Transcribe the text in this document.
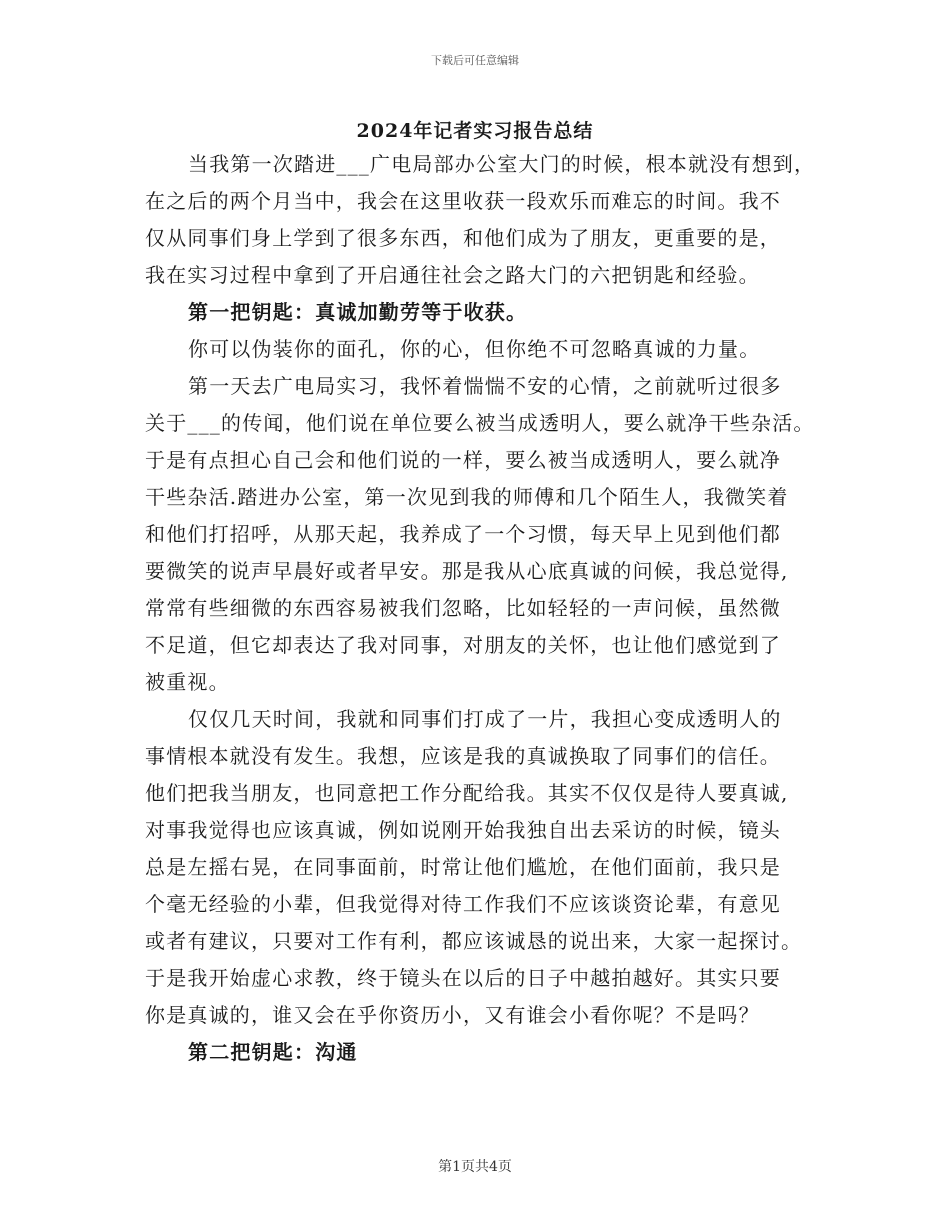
下载后可任意编辑
2024年记者实习报告总结
当我第一次踏进___广电局部办公室大门的时候，根本就没有想到，
在之后的两个月当中，我会在这里收获一段欢乐而难忘的时间。我不
仅从同事们身上学到了很多东西，和他们成为了朋友，更重要的是，
我在实习过程中拿到了开启通往社会之路大门的六把钥匙和经验。
第一把钥匙：真诚加勤劳等于收获。
你可以伪装你的面孔，你的心，但你绝不可忽略真诚的力量。
第一天去广电局实习，我怀着惴惴不安的心情，之前就听过很多
关于___的传闻，他们说在单位要么被当成透明人，要么就净干些杂活。
于是有点担心自己会和他们说的一样，要么被当成透明人，要么就净
干些杂活.踏进办公室，第一次见到我的师傅和几个陌生人，我微笑着
和他们打招呼，从那天起，我养成了一个习惯，每天早上见到他们都
要微笑的说声早晨好或者早安。那是我从心底真诚的问候，我总觉得,
常常有些细微的东西容易被我们忽略，比如轻轻的一声问候，虽然微
不足道，但它却表达了我对同事，对朋友的关怀，也让他们感觉到了
被重视。
仅仅几天时间，我就和同事们打成了一片，我担心变成透明人的
事情根本就没有发生。我想，应该是我的真诚换取了同事们的信任。
他们把我当朋友，也同意把工作分配给我。其实不仅仅是待人要真诚,
对事我觉得也应该真诚，例如说刚开始我独自出去采访的时候，镜头
总是左摇右晃，在同事面前，时常让他们尴尬，在他们面前，我只是
个毫无经验的小辈，但我觉得对待工作我们不应该谈资论辈，有意见
或者有建议，只要对工作有利，都应该诚恳的说出来，大家一起探讨。
于是我开始虚心求教，终于镜头在以后的日子中越拍越好。其实只要
你是真诚的，谁又会在乎你资历小，又有谁会小看你呢？不是吗？
第二把钥匙：沟通
第1页共4页
